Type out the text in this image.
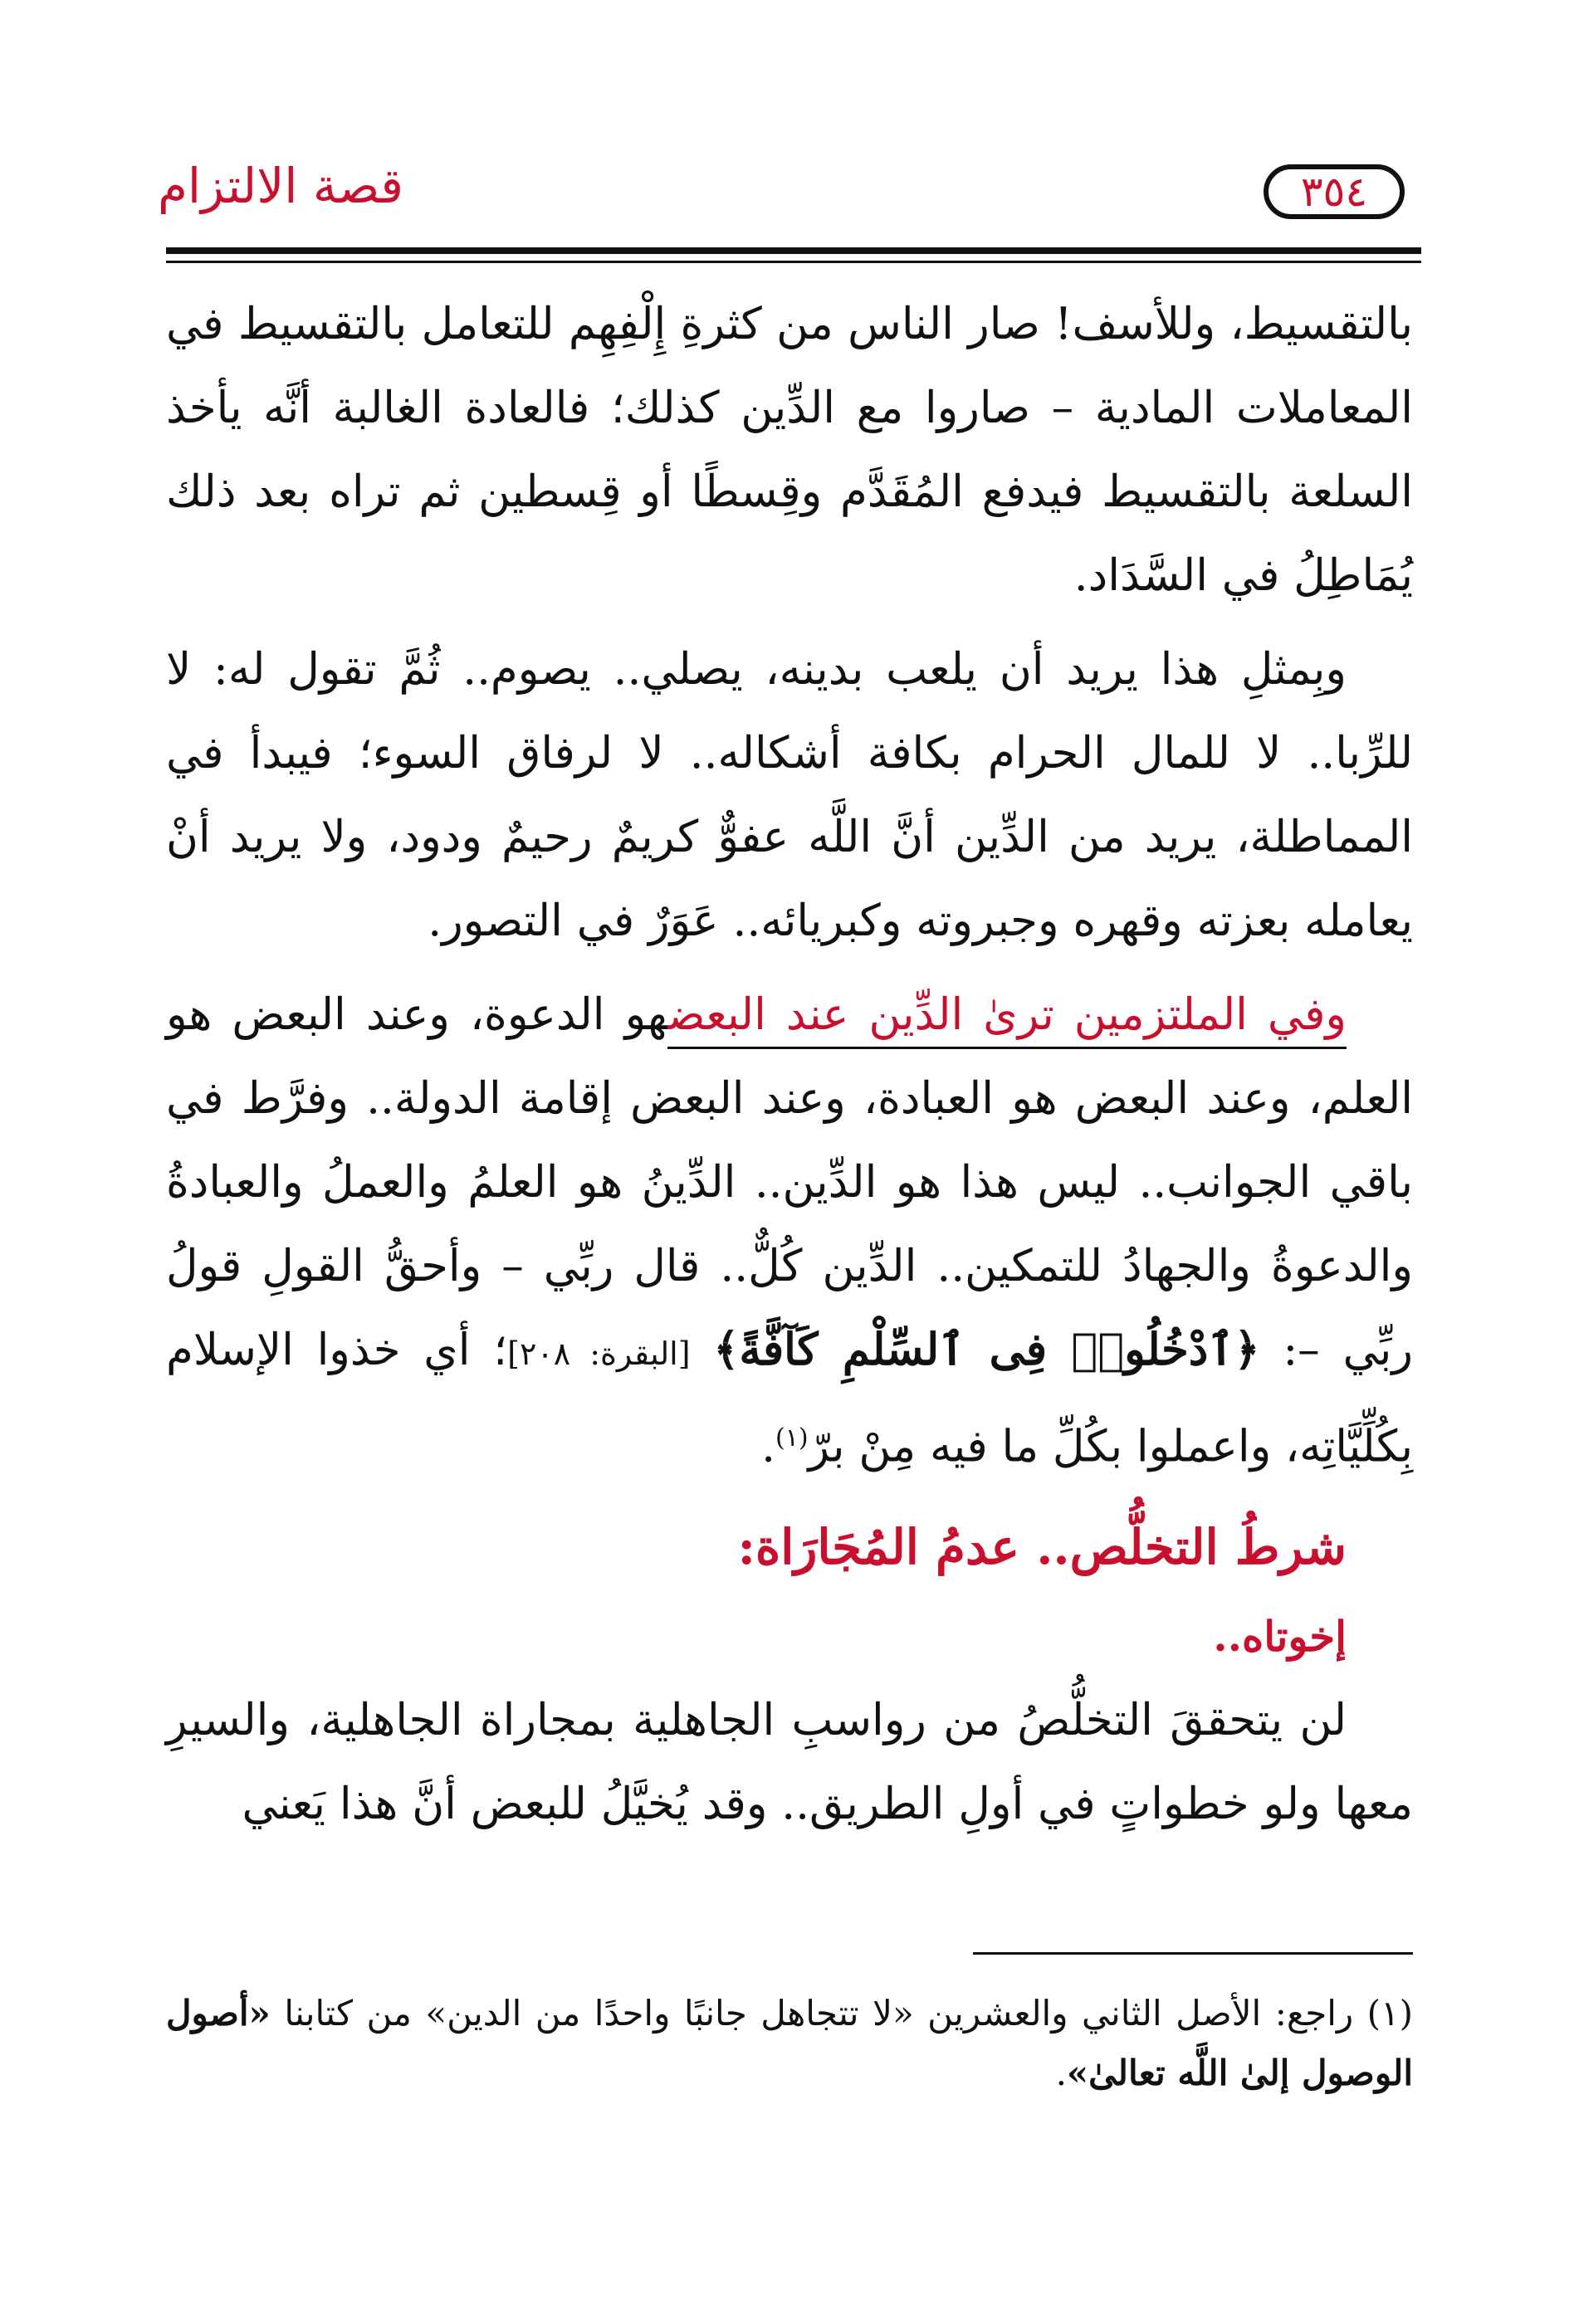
قصة الالتزام	٣٥٤

بالتقسيط، وللأسف! صار الناس من كثرةِ إِلْفِهِم للتعامل بالتقسيط في المعاملات المادية – صاروا مع الدِّين كذلك؛ فالعادة الغالبة أنَّه يأخذ السلعة بالتقسيط فيدفع المُقَدَّم وقِسطًا أو قِسطين ثم تراه بعد ذلك يُمَاطِلُ في السَّدَاد.

وبِمثلِ هذا يريد أن يلعب بدينه، يصلي.. يصوم.. ثُمَّ تقول له: لا للرِّبا.. لا للمال الحرام بكافة أشكاله.. لا لرفاق السوء؛ فيبدأ في المماطلة، يريد من الدِّين أنَّ اللَّه عفوٌّ كريمٌ رحيمٌ ودود، ولا يريد أنْ يعامله بعزته وقهره وجبروته وكبريائه.. عَوَرٌ في التصور.

وفي الملتزمين ترىٰ الدِّين عند البعضهو الدعوة، وعند البعض هو العلم، وعند البعض هو العبادة، وعند البعض إقامة الدولة.. وفرَّط في باقي الجوانب.. ليس هذا هو الدِّين.. الدِّينُ هو العلمُ والعملُ والعبادةُ والدعوةُ والجهادُ للتمكين.. الدِّين كُلٌّ.. قال ربِّي – وأحقُّ القولِ قولُ ربِّي –: ﴿ٱدْخُلُوا۟ فِى ٱلسِّلْمِ كَآفَّةً﴾ [البقرة: ٢٠٨]؛ أي خذوا الإسلام بِكُلِّيَّاتِه، واعملوا بكُلِّ ما فيه مِنْ برّ$^{(١)}$.

شرطُ التخلُّص.. عدمُ المُجَارَاة:

إخوتاه..

لن يتحققَ التخلُّصُ من رواسبِ الجاهلية بمجاراة الجاهلية، والسيرِ معها ولو خطواتٍ في أولِ الطريق.. وقد يُخيَّلُ للبعض أنَّ هذا يَعني

(١) راجع: الأصل الثاني والعشرين «لا تتجاهل جانبًا واحدًا من الدين» من كتابنا «أصول الوصول إلىٰ اللَّه تعالىٰ».
